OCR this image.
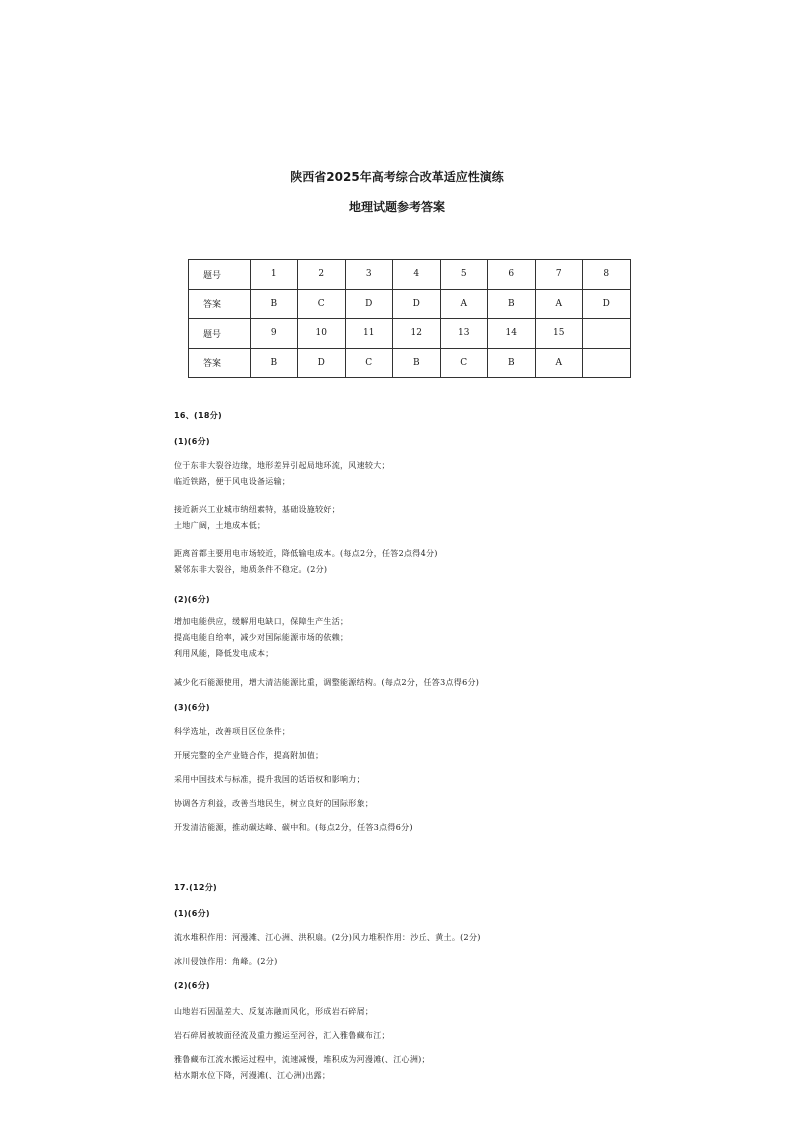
陕西省2025年高考综合改革适应性演练
地理试题参考答案
题号	1	2	3	4	5	6	7	8
答案	B	C	D	D	A	B	A	D
题号	9	10	11	12	13	14	15	
答案	B	D	C	B	C	B	A	
16、(18分)
(1)(6分)
位于东非大裂谷边缘，地形差异引起局地环流，风速较大；
临近铁路，便于风电设备运输；
接近新兴工业城市纳纽素特，基础设施较好；
土地广阔，土地成本低；
距离首都主要用电市场较近，降低输电成本。(每点2分，任答2点得4分)
紧邻东非大裂谷，地质条件不稳定。(2分)
(2)(6分)
增加电能供应，缓解用电缺口，保障生产生活；
提高电能自给率，减少对国际能源市场的依赖；
利用风能，降低发电成本；
减少化石能源使用，增大清洁能源比重，调整能源结构。(每点2分，任答3点得6分)
(3)(6分)
科学选址，改善项目区位条件；
开展完整的全产业链合作，提高附加值；
采用中国技术与标准，提升我国的话语权和影响力；
协调各方利益，改善当地民生，树立良好的国际形象；
开发清洁能源，推动碳达峰、碳中和。(每点2分，任答3点得6分)
17.(12分)
(1)(6分)
流水堆积作用：河漫滩、江心洲、洪积扇。(2分)风力堆积作用：沙丘、黄土。(2分)
冰川侵蚀作用：角峰。(2分)
(2)(6分)
山地岩石因温差大、反复冻融而风化，形成岩石碎屑；
岩石碎屑被坡面径流及重力搬运至河谷，汇入雅鲁藏布江；
雅鲁藏布江流水搬运过程中，流速减慢，堆积成为河漫滩(、江心洲)；
枯水期水位下降，河漫滩(、江心洲)出露；
